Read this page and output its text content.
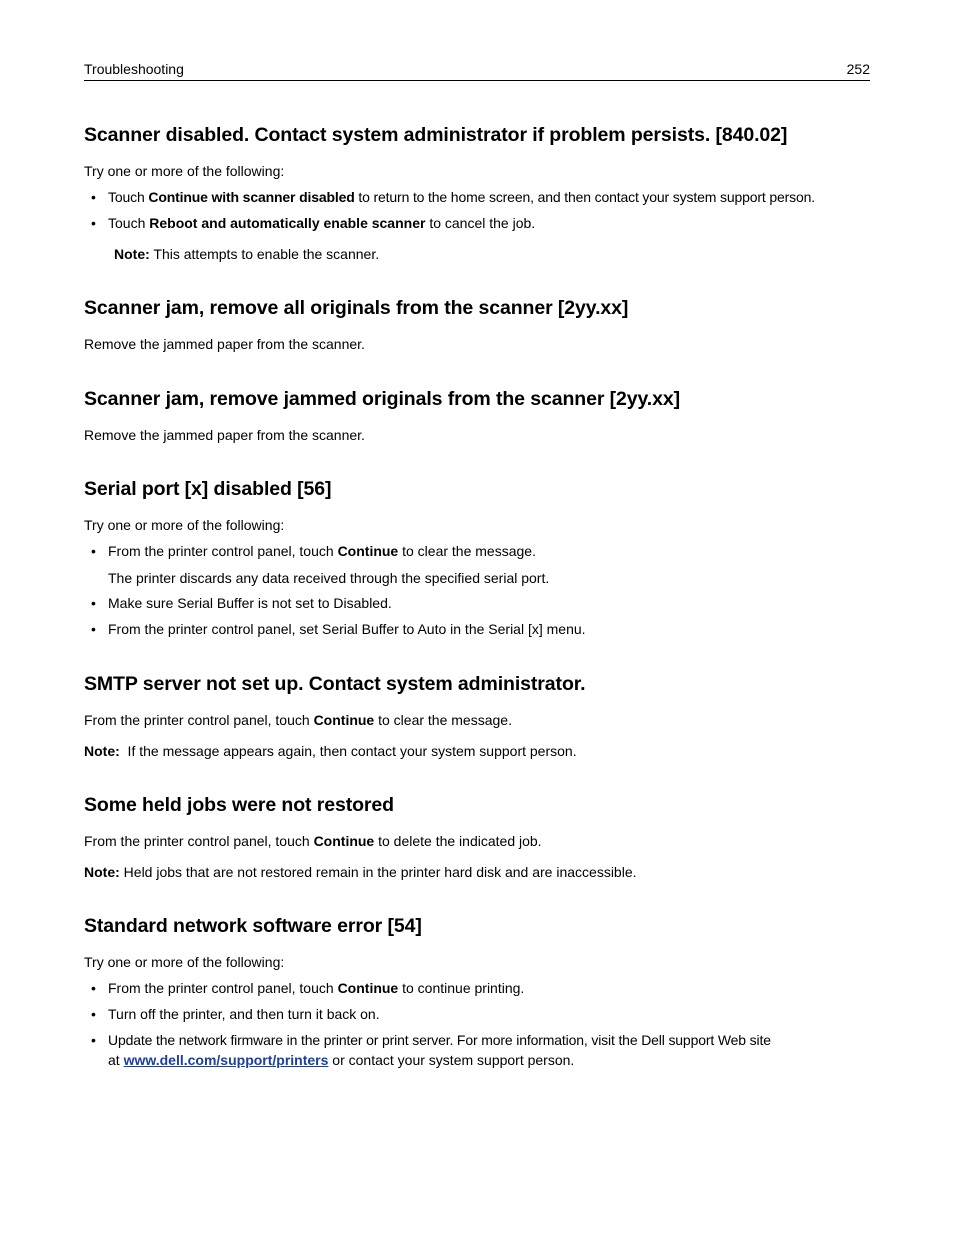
Troubleshooting	252
Scanner disabled. Contact system administrator if problem persists. [840.02]
Try one or more of the following:
• Touch Continue with scanner disabled to return to the home screen, and then contact your system support person.
• Touch Reboot and automatically enable scanner to cancel the job.
Note: This attempts to enable the scanner.
Scanner jam, remove all originals from the scanner [2yy.xx]
Remove the jammed paper from the scanner.
Scanner jam, remove jammed originals from the scanner [2yy.xx]
Remove the jammed paper from the scanner.
Serial port [x] disabled [56]
Try one or more of the following:
• From the printer control panel, touch Continue to clear the message.
The printer discards any data received through the specified serial port.
• Make sure Serial Buffer is not set to Disabled.
• From the printer control panel, set Serial Buffer to Auto in the Serial [x] menu.
SMTP server not set up. Contact system administrator.
From the printer control panel, touch Continue to clear the message.
Note:  If the message appears again, then contact your system support person.
Some held jobs were not restored
From the printer control panel, touch Continue to delete the indicated job.
Note: Held jobs that are not restored remain in the printer hard disk and are inaccessible.
Standard network software error [54]
Try one or more of the following:
• From the printer control panel, touch Continue to continue printing.
• Turn off the printer, and then turn it back on.
• Update the network firmware in the printer or print server. For more information, visit the Dell support Web site
at www.dell.com/support/printers or contact your system support person.
